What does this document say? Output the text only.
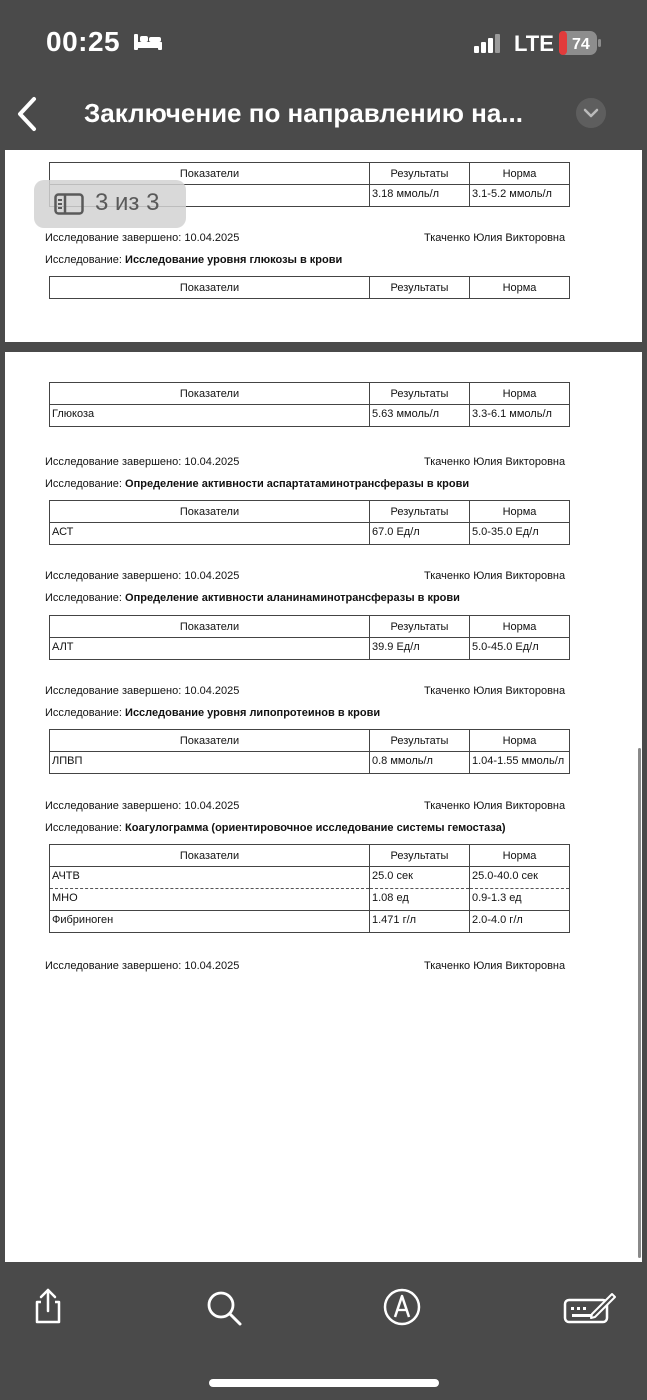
00:25	LTE 74
Заключение по направлению на...
3 из 3
Показатели	Результаты	Норма
	3.18 ммоль/л	3.1-5.2 ммоль/л
Исследование завершено: 10.04.2025	Ткаченко Юлия Викторовна
Исследование: Исследование уровня глюкозы в крови
Показатели	Результаты	Норма
Показатели	Результаты	Норма
Глюкоза	5.63 ммоль/л	3.3-6.1 ммоль/л
Исследование завершено: 10.04.2025	Ткаченко Юлия Викторовна
Исследование: Определение активности аспартатаминотрансферазы в крови
Показатели	Результаты	Норма
АСТ	67.0 Ед/л	5.0-35.0 Ед/л
Исследование завершено: 10.04.2025	Ткаченко Юлия Викторовна
Исследование: Определение активности аланинаминотрансферазы в крови
Показатели	Результаты	Норма
АЛТ	39.9 Ед/л	5.0-45.0 Ед/л
Исследование завершено: 10.04.2025	Ткаченко Юлия Викторовна
Исследование: Исследование уровня липопротеинов в крови
Показатели	Результаты	Норма
ЛПВП	0.8 ммоль/л	1.04-1.55 ммоль/л
Исследование завершено: 10.04.2025	Ткаченко Юлия Викторовна
Исследование: Коагулограмма (ориентировочное исследование системы гемостаза)
Показатели	Результаты	Норма
АЧТВ	25.0 сек	25.0-40.0 сек
МНО	1.08 ед	0.9-1.3 ед
Фибриноген	1.471 г/л	2.0-4.0 г/л
Исследование завершено: 10.04.2025	Ткаченко Юлия Викторовна
